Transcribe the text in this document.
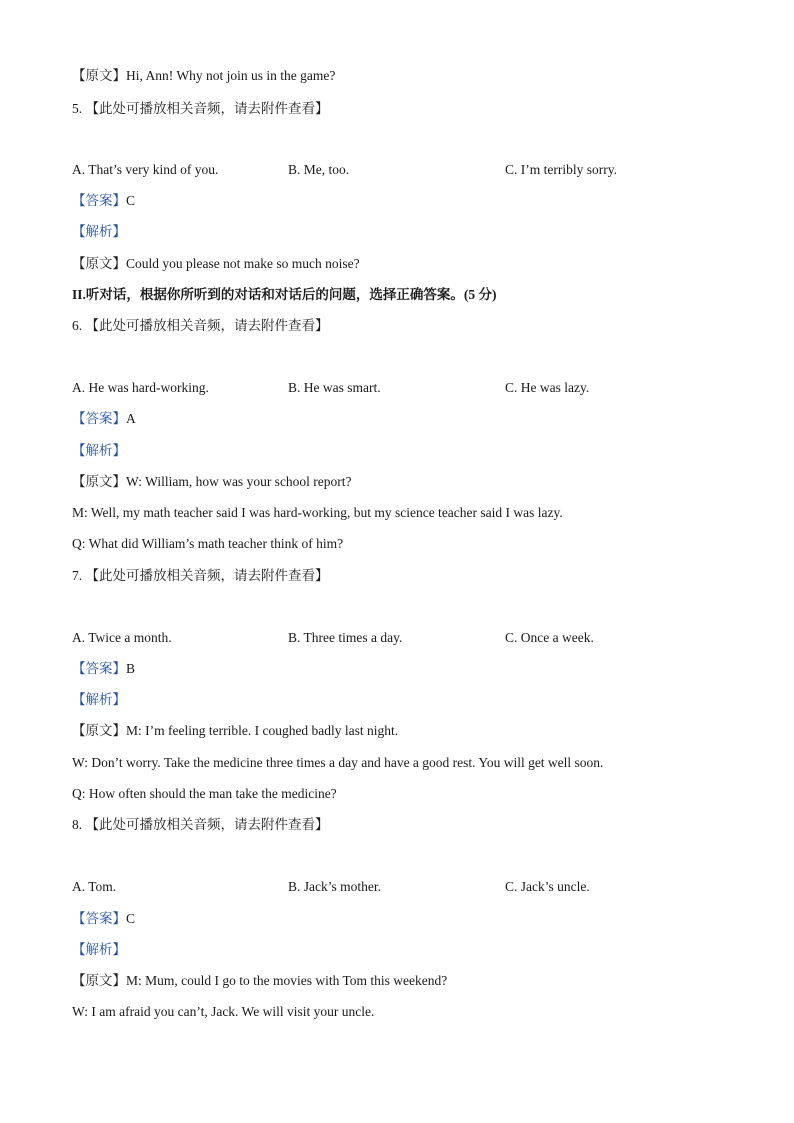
【原文】Hi, Ann! Why not join us in the game?
5. 【此处可播放相关音频，请去附件查看】
A. That’s very kind of you.	B. Me, too.	C. I’m terribly sorry.
【答案】C
【解析】
【原文】Could you please not make so much noise?
II.听对话，根据你所听到的对话和对话后的问题，选择正确答案。(5 分)
6. 【此处可播放相关音频，请去附件查看】
A. He was hard-working.	B. He was smart.	C. He was lazy.
【答案】A
【解析】
【原文】W: William, how was your school report?
M: Well, my math teacher said I was hard-working, but my science teacher said I was lazy.
Q: What did William’s math teacher think of him?
7. 【此处可播放相关音频，请去附件查看】
A. Twice a month.	B. Three times a day.	C. Once a week.
【答案】B
【解析】
【原文】M: I’m feeling terrible. I coughed badly last night.
W: Don’t worry. Take the medicine three times a day and have a good rest. You will get well soon.
Q: How often should the man take the medicine?
8. 【此处可播放相关音频，请去附件查看】
A. Tom.	B. Jack’s mother.	C. Jack’s uncle.
【答案】C
【解析】
【原文】M: Mum, could I go to the movies with Tom this weekend?
W: I am afraid you can’t, Jack. We will visit your uncle.
